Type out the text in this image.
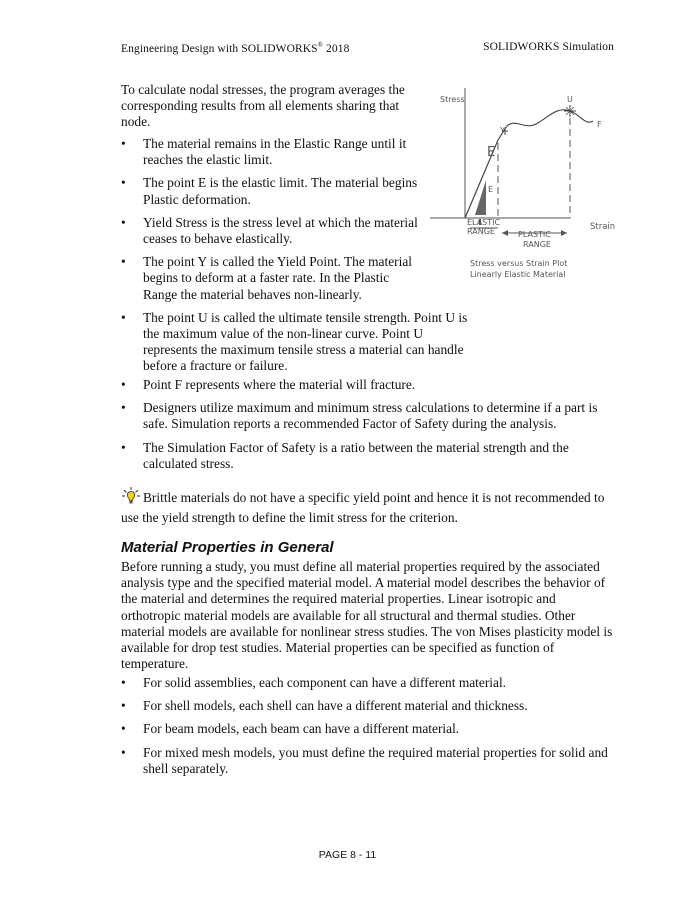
Engineering Design with SOLIDWORKS® 2018	SOLIDWORKS Simulation

To calculate nodal stresses, the program averages the corresponding results from all elements sharing that node.

• The material remains in the Elastic Range until it reaches the elastic limit.
• The point E is the elastic limit. The material begins Plastic deformation.
• Yield Stress is the stress level at which the material ceases to behave elastically.
• The point Y is called the Yield Point. The material begins to deform at a faster rate. In the Plastic Range the material behaves non-linearly.
• The point U is called the ultimate tensile strength. Point U is the maximum value of the non-linear curve. Point U represents the maximum tensile stress a material can handle before a fracture or failure.
• Point F represents where the material will fracture.
• Designers utilize maximum and minimum stress calculations to determine if a part is safe. Simulation reports a recommended Factor of Safety during the analysis.
• The Simulation Factor of Safety is a ratio between the material strength and the calculated stress.

Brittle materials do not have a specific yield point and hence it is not recommended to use the yield strength to define the limit stress for the criterion.

Material Properties in General

Before running a study, you must define all material properties required by the associated analysis type and the specified material model. A material model describes the behavior of the material and determines the required material properties. Linear isotropic and orthotropic material models are available for all structural and thermal studies. Other material models are available for nonlinear stress studies. The von Mises plasticity model is available for drop test studies. Material properties can be specified as function of temperature.

• For solid assemblies, each component can have a different material.
• For shell models, each shell can have a different material and thickness.
• For beam models, each beam can have a different material.
• For mixed mesh models, you must define the required material properties for solid and shell separately.
Stress
Strain
Y
U
F
E
E
ELASTIC
RANGE	PLASTIC
RANGE
Stress versus Strain Plot
Linearly Elastic Material
PAGE 8 - 11
